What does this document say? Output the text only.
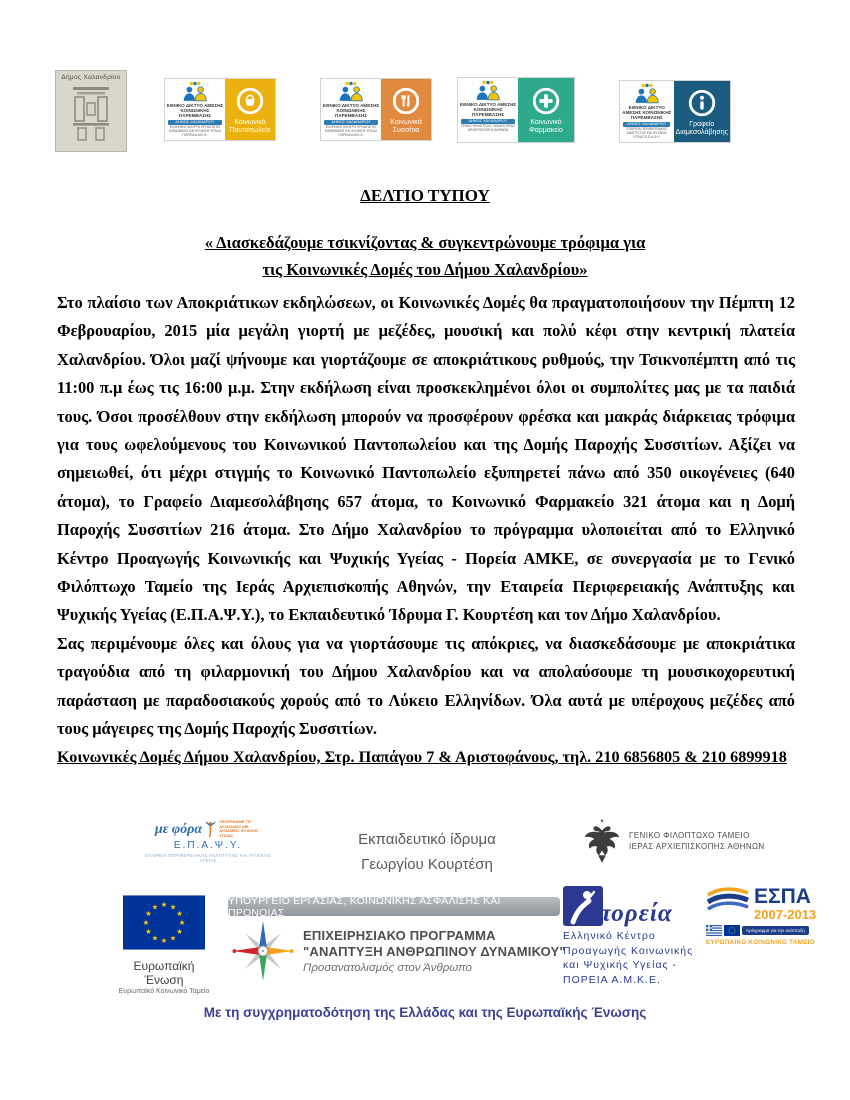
Δήμος Χαλανδρίου
ΕΘΝΙΚΟ ΔΙΚΤΥΟ ΑΜΕΣΗΣ ΚΟΙΝΩΝΙΚΗΣ ΠΑΡΕΜΒΑΣΗΣ
ΔΗΜΟΣ ΧΑΛΑΝΔΡΙΟΥ
ΕΛΛΗΝΙΚΟ ΚΕΝΤΡΟ ΠΡΟΑΓΩΓΗΣ ΚΟΙΝΩΝΙΚΗΣ ΚΑΙ ΨΥΧΙΚΗΣ ΥΓΕΙΑΣ ΠΟΡΕΙΑ Α.Μ.Κ.Ε.
Κοινωνικό Παντοπωλείο
ΕΘΝΙΚΟ ΔΙΚΤΥΟ ΑΜΕΣΗΣ ΚΟΙΝΩΝΙΚΗΣ ΠΑΡΕΜΒΑΣΗΣ
ΔΗΜΟΣ ΧΑΛΑΝΔΡΙΟΥ
ΕΛΛΗΝΙΚΟ ΚΕΝΤΡΟ ΠΡΟΑΓΩΓΗΣ ΚΟΙΝΩΝΙΚΗΣ ΚΑΙ ΨΥΧΙΚΗΣ ΥΓΕΙΑΣ ΠΟΡΕΙΑ Α.Μ.Κ.Ε.
Κοινωνικά Συσσίτια
ΕΘΝΙΚΟ ΔΙΚΤΥΟ ΑΜΕΣΗΣ ΚΟΙΝΩΝΙΚΗΣ ΠΑΡΕΜΒΑΣΗΣ
ΔΗΜΟΣ ΧΑΛΑΝΔΡΙΟΥ
ΓΕΝΙΚΟ ΦΙΛΟΠΤΩΧΟ ΤΑΜΕΙΟ ΙΕΡΑΣ ΑΡΧΙΕΠΙΣΚΟΠΗΣ ΑΘΗΝΩΝ
Κοινωνικό Φαρμακείο
ΕΘΝΙΚΟ ΔΙΚΤΥΟ ΑΜΕΣΗΣ ΚΟΙΝΩΝΙΚΗΣ ΠΑΡΕΜΒΑΣΗΣ
ΔΗΜΟΣ ΧΑΛΑΝΔΡΙΟΥ
ΕΤΑΙΡΕΙΑ ΠΕΡΙΦΕΡΕΙΑΚΗΣ ΑΝΑΠΤΥΞΗΣ ΚΑΙ ΨΥΧΙΚΗΣ ΥΓΕΙΑΣ Ε.Π.Α.Ψ.Υ.
Γραφείο Διαμεσολάβησης
ΔΕΛΤΙΟ ΤΥΠΟΥ
« Διασκεδάζουμε τσικνίζοντας & συγκεντρώνουμε τρόφιμα για
τις Κοινωνικές Δομές του Δήμου Χαλανδρίου»

Στο πλαίσιο των Αποκριάτικων εκδηλώσεων, οι Κοινωνικές Δομές θα πραγματοποιήσουν την Πέμπτη 12 Φεβρουαρίου, 2015 μία μεγάλη γιορτή με μεζέδες, μουσική και πολύ κέφι στην κεντρική πλατεία Χαλανδρίου. Όλοι μαζί ψήνουμε και γιορτάζουμε σε αποκριάτικους ρυθμούς, την Τσικνοπέμπτη από τις 11:00 π.μ έως τις 16:00 μ.μ. Στην εκδήλωση είναι προσκεκλημένοι όλοι οι συμπολίτες μας με τα παιδιά τους. Όσοι προσέλθουν στην εκδήλωση μπορούν να προσφέρουν φρέσκα και μακράς διάρκειας τρόφιμα για τους ωφελούμενους του Κοινωνικού Παντοπωλείου και της Δομής Παροχής Συσσιτίων. Αξίζει να σημειωθεί, ότι μέχρι στιγμής το Κοινωνικό Παντοπωλείο εξυπηρετεί πάνω από 350 οικογένειες (640 άτομα), το Γραφείο Διαμεσολάβησης 657 άτομα, το Κοινωνικό Φαρμακείο 321 άτομα και η Δομή Παροχής Συσσιτίων 216 άτομα. Στο Δήμο Χαλανδρίου το πρόγραμμα υλοποιείται από το Ελληνικό Κέντρο Προαγωγής Κοινωνικής και Ψυχικής Υγείας - Πορεία ΑΜΚΕ, σε συνεργασία με το Γενικό Φιλόπτωχο Ταμείο της Ιεράς Αρχιεπισκοπής Αθηνών, την Εταιρεία Περιφερειακής Ανάπτυξης και Ψυχικής Υγείας (Ε.Π.Α.Ψ.Υ.), το Εκπαιδευτικό Ίδρυμα Γ. Κουρτέση και τον Δήμο Χαλανδρίου.

Σας περιμένουμε όλες και όλους για να γιορτάσουμε τις απόκριες, να διασκεδάσουμε με αποκριάτικα τραγούδια από τη φιλαρμονική του Δήμου Χαλανδρίου και να απολαύσουμε τη μουσικοχορευτική παράσταση με παραδοσιακούς χορούς από το Λύκειο Ελληνίδων. Όλα αυτά με υπέροχους μεζέδες από τους μάγειρες της Δομής Παροχής Συσσιτίων.

Κοινωνικές Δομές Δήμου Χαλανδρίου, Στρ. Παπάγου 7 & Αριστοφάνους, τηλ. 210 6856805 & 210 6899918
με φόρα
ΞΕΠΕΡΝΑΜΕ ΤΙΣ ΔΥΣΚΟΛΙΕΣ ΜΕ ΔΥΝΑΜΕΙΣ ΨΥΧΙΚΗΣ ΥΓΕΙΑΣ
Ε.Π.Α.Ψ.Υ.
ΕΤΑΙΡΕΙΑ ΠΕΡΙΦΕΡΕΙΑΚΗΣ ΑΝΑΠΤΥΞΗΣ ΚΑΙ ΨΥΧΙΚΗΣ ΥΓΕΙΑΣ
Εκπαιδευτικό ίδρυμα
Γεωργίου Κουρτέση
ΓΕΝΙΚΟ ΦΙΛΟΠΤΩΧΟ ΤΑΜΕΙΟ
ΙΕΡΑΣ ΑΡΧΙΕΠΙΣΚΟΠΗΣ ΑΘΗΝΩΝ
★ ★
★
★
★
★
★
★
★
★
★
★
Ευρωπαϊκή Ένωση
Ευρωπαϊκό Κοινωνικό Ταμείο
ΥΠΟΥΡΓΕΙΟ ΕΡΓΑΣΙΑΣ, ΚΟΙΝΩΝΙΚΗΣ ΑΣΦΑΛΙΣΗΣ ΚΑΙ ΠΡΟΝΟΙΑΣ
ΕΠΙΧΕΙΡΗΣΙΑΚΟ ΠΡΟΓΡΑΜΜΑ
"ΑΝΑΠΤΥΞΗ ΑΝΘΡΩΠΙΝΟΥ ΔΥΝΑΜΙΚΟΥ"
Προσανατολισμός στον Άνθρωπο
πορεία
Ελληνικό Κέντρο
Προαγωγής Κοινωνικής
και Ψυχικής Υγείας -
ΠΟΡΕΙΑ Α.Μ.Κ.Ε.
ΕΣΠΑ
2007-2013
πρόγραμμα για την ανάπτυξη
ΕΥΡΩΠΑΪΚΟ ΚΟΙΝΩΝΙΚΟ ΤΑΜΕΙΟ
Με τη συγχρηματοδότηση της Ελλάδας και της Ευρωπαϊκής Ένωσης
